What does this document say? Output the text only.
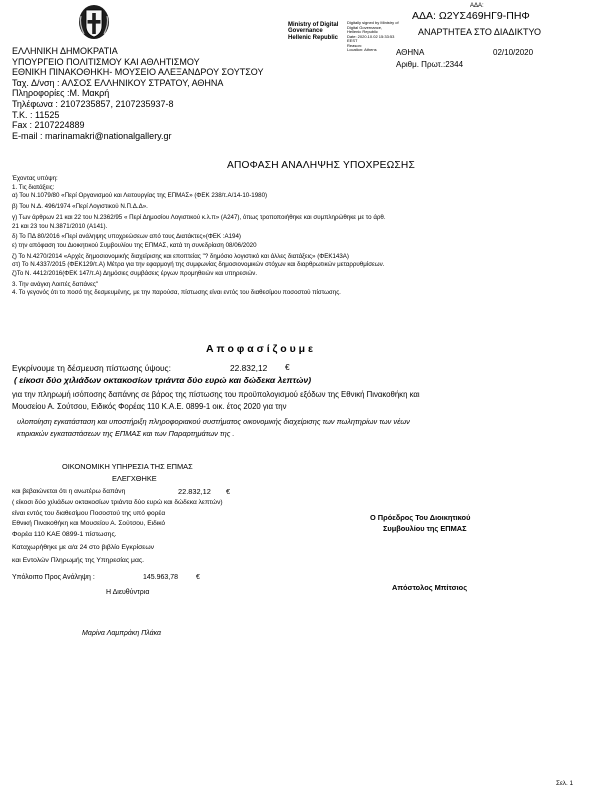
ΑΔΑ:
ΑΔΑ: Ω2ΥΣ469ΗΓ9-ΠΗΦ
ΑΝΑΡΤΗΤΕΑ ΣΤΟ ΔΙΑΔΙΚΤΥΟ
Ministry of Digital
Governance
Hellenic Republic
Digitally signed by Ministry of
Digital Governance,
Hellenic Republic
Date: 2020.10.02 15:33:53
EEST
Reason:
Location: Athens	ΑΘΗΝΑ	02/10/2020
Αριθμ. Πρωτ.:2344
ΕΛΛΗΝΙΚΗ ΔΗΜΟΚΡΑΤΙΑ
ΥΠΟΥΡΓΕΙΟ ΠΟΛΙΤΙΣΜΟΥ ΚΑΙ ΑΘΛΗΤΙΣΜΟΥ
ΕΘΝΙΚΗ ΠΙΝΑΚΟΘΗΚΗ- ΜΟΥΣΕΙΟ ΑΛΕΞΑΝΔΡΟΥ ΣΟΥΤΣΟΥ
Ταχ. Δ/νση : ΑΛΣΟΣ ΕΛΛΗΝΙΚΟΥ ΣΤΡΑΤΟΥ, ΑΘΗΝΑ
Πληροφορίες :Μ. Μακρή
Τηλέφωνα : 2107235857, 2107235937-8
Τ.Κ. : 11525
Fax : 2107224889
E-mail : marinamakri@nationalgallery.gr
ΑΠΟΦΑΣΗ ΑΝΑΛΗΨΗΣ ΥΠΟΧΡΕΩΣΗΣ
Έχοντας υπόψη:
1. Τις διατάξεις:
α) Του Ν.1079/80 «Περί Οργανισμού και Λειτουργίας της ΕΠΜΑΣ» (ΦΕΚ 238/τ.Α/14-10-1980)
β) Του Ν.Δ. 496/1974 «Περί Λογιστικού Ν.Π.Δ.Δ».
γ) Των άρθρων 21 και 22 του Ν.2362/95 « Περί Δημοσίου Λογιστικού κ.λ.π» (Α247), όπως τροποποιήθηκε και συμπληρώθηκε με το άρθ.
21 και 23 του Ν.3871/2010 (Α141).
δ) Το ΠΔ 80/2016 «Περί ανάληψης υποχρεώσεων από τους Διατάκτες»(ΦΕΚ :Α194)
ε) την απόφαση του Διοικητικού Συμβουλίου της ΕΠΜΑΣ, κατά τη συνεδρίαση 08/06/2020
ζ) Το Ν.4270/2014 «Αρχές δημοσιονομικής διαχείρισης και εποπτείας "? δημόσιο λογιστικό και άλλες διατάξεις» (ΦΕΚ143Α)
στ) Το Ν.4337/2015 (ΦΕΚ129/τ.Α) Μέτρα για την εφαρμογή της συμφωνίας δημοσιονομικών στόχων και διαρθρωτικών μεταρρυθμίσεων.
ζ)Το Ν. 4412/2016(ΦΕΚ 147/τ.Α) Δημόσιες συμβάσεις έργων προμηθειών και υπηρεσιών.
3. Την ανάγκη Λοιπές δαπάνες"
4. Το γεγονός ότι το ποσό της δεσμευμένης, με την παρούσα, πίστωσης είναι εντός του διαθεσίμου ποσοστού πίστωσης.
Α π ο φ α σ ί ζ ο υ μ ε
Εγκρίνουμε τη δέσμευση πίστωσης ύψους:	22.832,12 €
( είκοσι δύο χιλιάδων οκτακοσίων τριάντα δύο ευρώ και δώδεκα λεπτών)
για την πληρωμή ισόποσης δαπάνης σε βάρος της πίστωσης του προϋπολογισμού εξόδων της Εθνική Πινακοθήκη και
Μουσείου Α. Σούτσου, Ειδικός Φορέας 110 Κ.Α.Ε. 0899-1 οικ. έτος 2020 για την
υλοποίηση εγκατάσταση και υποστήριξη πληροφοριακού συστήματος οικονομικής διαχείρισης των πωλητηρίων των νέων
κτιριακών εγκαταστάσεων της ΕΠΜΑΣ και των Παραρτημάτων της .
ΟΙΚΟΝΟΜΙΚΗ ΥΠΗΡΕΣΙΑ ΤΗΣ ΕΠΜΑΣ
ΕΛΕΓΧΘΗΚΕ
και βεβαιώνεται ότι η ανωτέρω δαπάνη	22.832,12 €
( είκοσι δύο χιλιάδων οκτακοσίων τριάντα δύο ευρώ και δώδεκα λεπτών)
είναι εντός του διαθεσίμου Ποσοστού της υπό φορέα
Εθνική Πινακοθήκη και Μουσείου Α. Σούτσου, Ειδικό
Φορέα 110 ΚΑΕ 0899-1 πίστωσης.
Καταχωρήθηκε με α/α 24 στο βιβλίο Εγκρίσεων
και Εντολών Πληρωμής της Υπηρεσίας μας.
Υπόλοιπο Προς Ανάληψη :	145.963,78	€
Η Διευθύντρια
Μαρίνα Λαμπράκη Πλάκα
Ο Πρόεδρος Του Διοικητικού
Συμβουλίου της ΕΠΜΑΣ
Απόστολος Μπίτσιος
Σελ. 1
